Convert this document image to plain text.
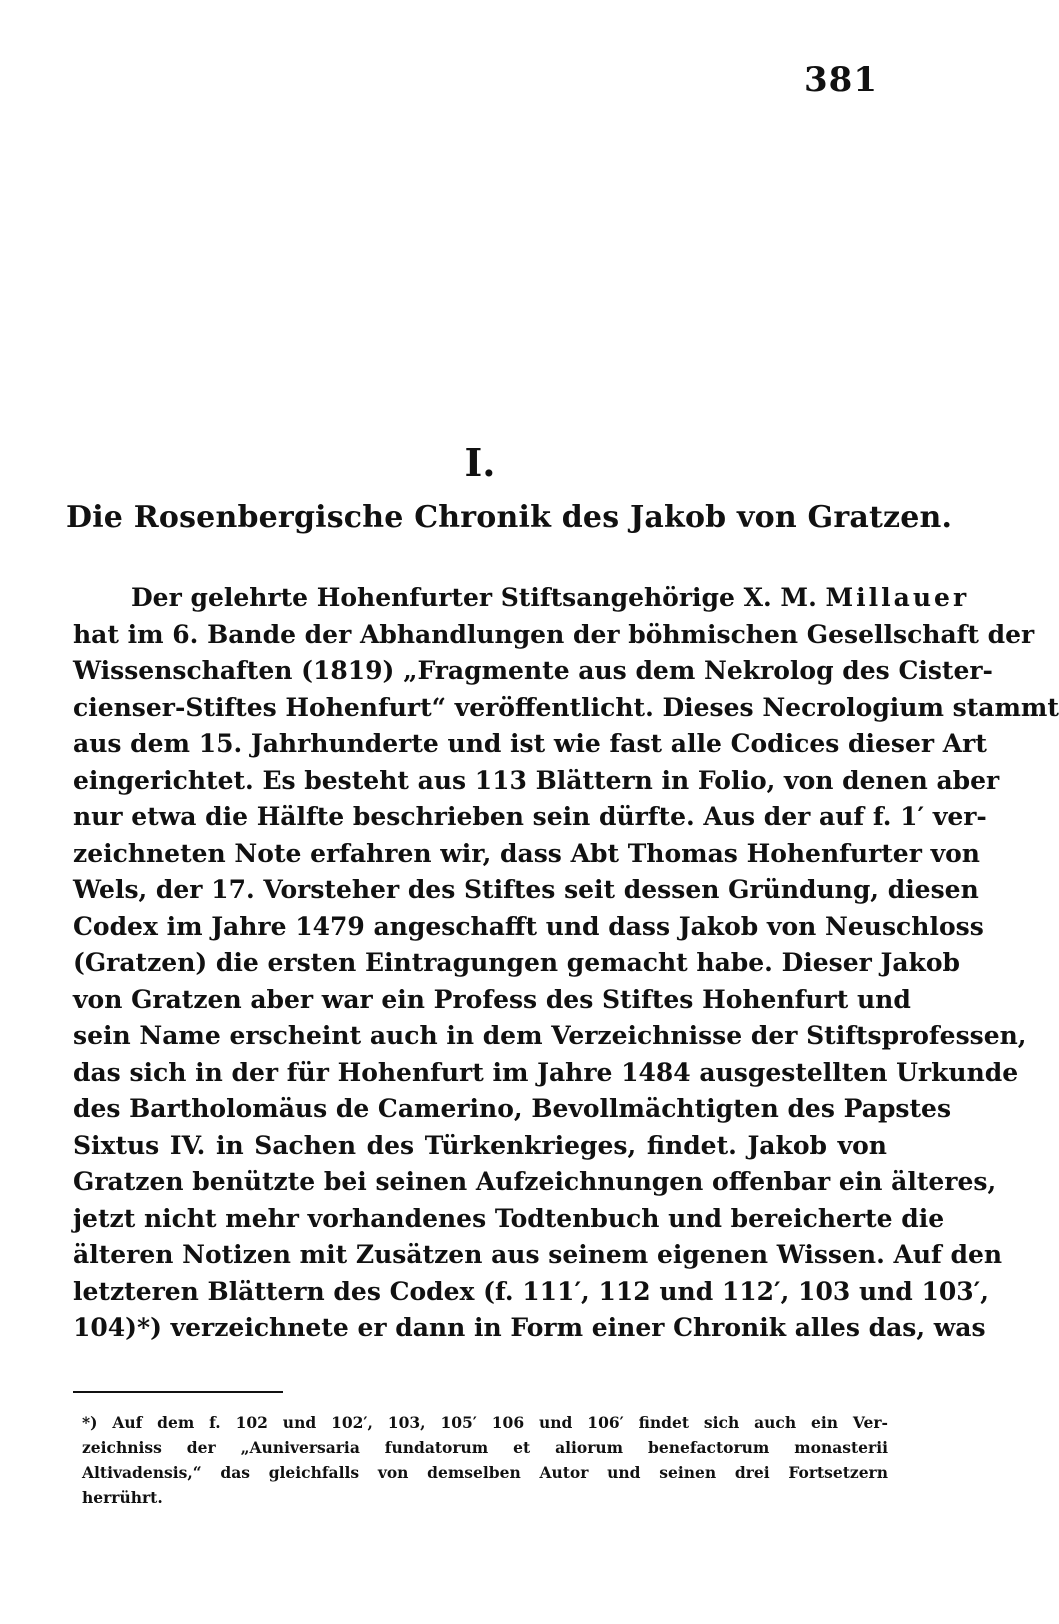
381
I.
Die Rosenbergische Chronik des Jakob von Gratzen.
Der gelehrte Hohenfurter Stiftsangehörige X. M. Millauer
hat im 6. Bande der Abhandlungen der böhmischen Gesellschaft der
Wissenschaften (1819) „Fragmente aus dem Nekrolog des Cister-
cienser-Stiftes Hohenfurt“ veröffentlicht. Dieses Necrologium stammt
aus dem 15. Jahrhunderte und ist wie fast alle Codices dieser Art
eingerichtet. Es besteht aus 113 Blättern in Folio, von denen aber
nur etwa die Hälfte beschrieben sein dürfte. Aus der auf f. 1′ ver-
zeichneten Note erfahren wir, dass Abt Thomas Hohenfurter von
Wels, der 17. Vorsteher des Stiftes seit dessen Gründung, diesen
Codex im Jahre 1479 angeschafft und dass Jakob von Neuschloss
(Gratzen) die ersten Eintragungen gemacht habe. Dieser Jakob
von Gratzen aber war ein Profess des Stiftes Hohenfurt und
sein Name erscheint auch in dem Verzeichnisse der Stiftsprofessen,
das sich in der für Hohenfurt im Jahre 1484 ausgestellten Urkunde
des Bartholomäus de Camerino, Bevollmächtigten des Papstes
Sixtus IV. in Sachen des Türkenkrieges, findet. Jakob von
Gratzen benützte bei seinen Aufzeichnungen offenbar ein älteres,
jetzt nicht mehr vorhandenes Todtenbuch und bereicherte die
älteren Notizen mit Zusätzen aus seinem eigenen Wissen. Auf den
letzteren Blättern des Codex (f. 111′, 112 und 112′, 103 und 103′,
104)*) verzeichnete er dann in Form einer Chronik alles das, was
*) Auf dem f. 102 und 102′, 103, 105′ 106 und 106′ findet sich auch ein Ver-
zeichniss der „Auniversaria fundatorum et aliorum benefactorum monasterii
Altivadensis,“ das gleichfalls von demselben Autor und seinen drei Fortsetzern
herrührt.
